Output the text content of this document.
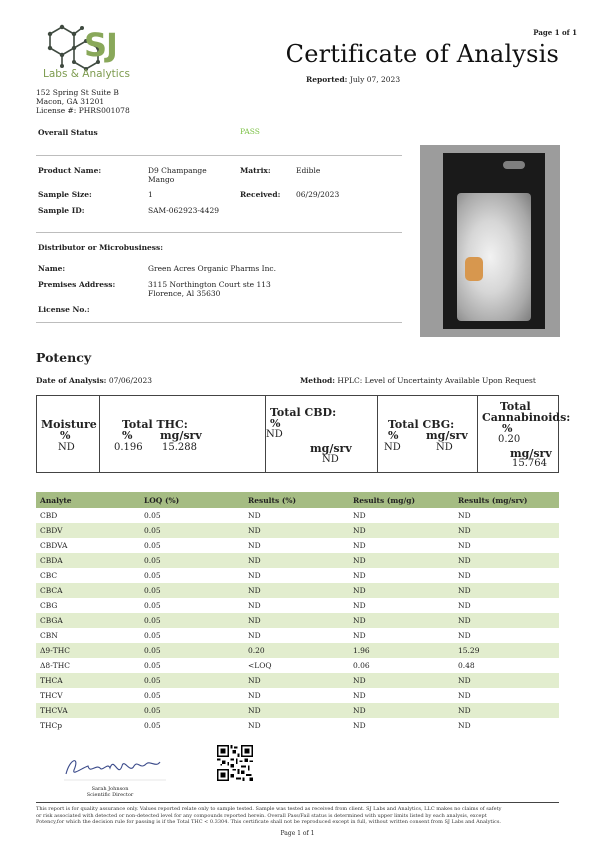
Page 1 of 1
Certificate of Analysis
Reported: July 07, 2023
SJ
Labs & Analytics
152 Spring St Suite B
Macon, GA 31201
License #: PHRS001078
Overall Status	PASS
Product Name:	D9 Champange
Mango
Matrix:	Edible
Sample Size:	1	Received: 06/29/2023
Sample ID:	SAM-062923-4429
Distributor or Microbusiness:
Name:	Green Acres Organic Pharms Inc.
Premises Address:	3115 Northington Court ste 113
Florence, Al 35630
License No.:
Potency
Date of Analysis: 07/06/2023	Method: HPLC: Level of Uncertainty Available Upon Request
Moisture
%
ND
Total THC:
%	mg/srv
0.196 15.288
Total CBD:
%
ND
mg/srv
ND
Total CBG:
%	mg/srv
ND	ND
Total
Cannabinoids:
%
0.20
mg/srv
15.764
Analyte	LOQ (%)	Results (%)	Results (mg/g)	Results (mg/srv)
CBD	0.05	ND	ND	ND
CBDV	0.05	ND	ND	ND
CBDVA	0.05	ND	ND	ND
CBDA	0.05	ND	ND	ND
CBC	0.05	ND	ND	ND
CBCA	0.05	ND	ND	ND
CBG	0.05	ND	ND	ND
CBGA	0.05	ND	ND	ND
CBN	0.05	ND	ND	ND
Δ9-THC	0.05	0.20	1.96	15.29
Δ8-THC	0.05	<LOQ	0.06	0.48
THCA	0.05	ND	ND	ND
THCV	0.05	ND	ND	ND
THCVA	0.05	ND	ND	ND
THCp	0.05	ND	ND	ND
Sarah Johnson
Scientific Director
This report is for quality assurance only. Values reported relate only to sample tested. Sample was tested as received from client. SJ Labs and Analytics, LLC makes no claims of safety
or risk associated with detected or non-detected level for any compounds reported herein. Overall Pass/Fail status is determined with upper limits listed by each analysis, except
Potency,for which the decision rule for passing is if the Total THC < 0.3304. This certificate shall not be reproduced except in full, without written consent from SJ Labs and Analytics.
Page 1 of 1
